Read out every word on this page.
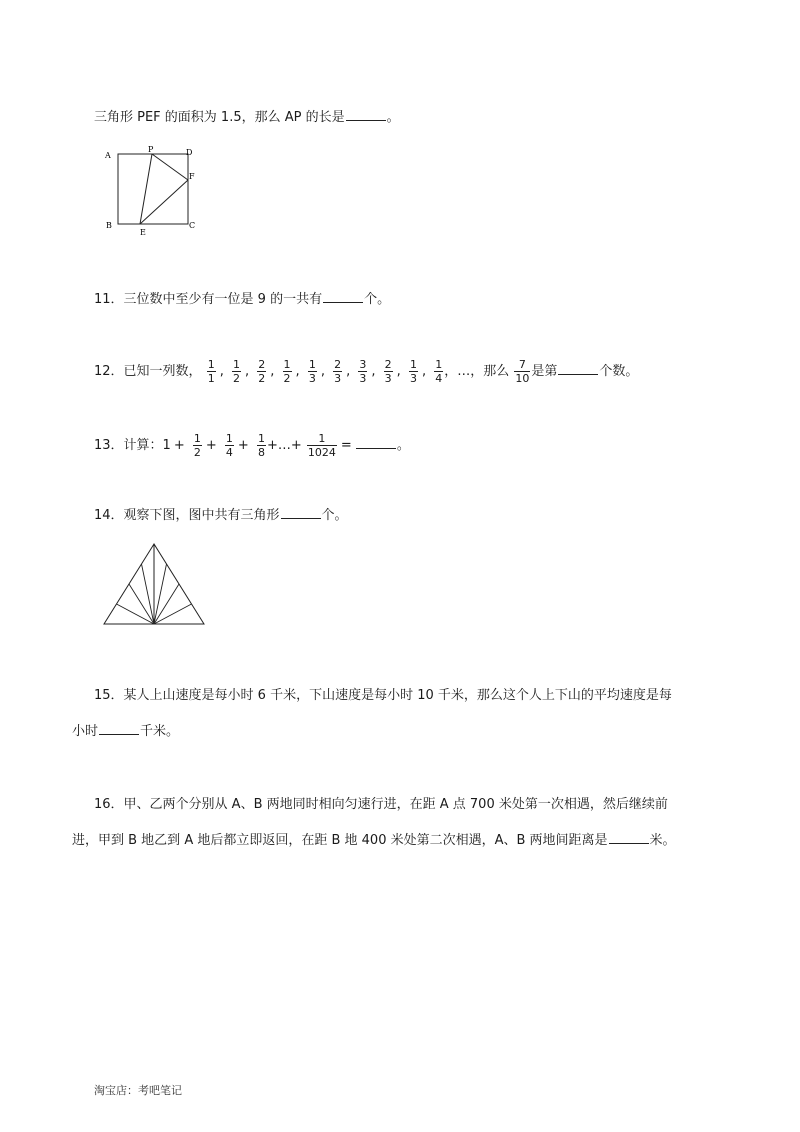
三角形 PEF 的面积为 1.5，那么 AP 的长是	。
A
P	D
F
B
E
C
11．三位数中至少有一位是 9 的一共有	个。
12．已知一列数， $\frac{1}{1}$ , $\frac{1}{2}$ , $\frac{2}{2}$ , $\frac{1}{2}$ , $\frac{1}{3}$ , $\frac{2}{3}$ , $\frac{3}{3}$ , $\frac{2}{3}$ , $\frac{1}{3}$ , $\frac{1}{4}$ ，…，那么 $\frac{7}{10}$ 是第	个数。
13．计算：$1 + \frac{1}{2} + \frac{1}{4} + \frac{1}{8}$ +…+ $\frac{1}{1024}$ =	。
14．观察下图，图中共有三角形	个。
15．某人上山速度是每小时 6 千米，下山速度是每小时 10 千米，那么这个人上下山的平均速度是每
小时	千米。
16．甲、乙两个分别从 A、B 两地同时相向匀速行进，在距 A 点 700 米处第一次相遇，然后继续前
进，甲到 B 地乙到 A 地后都立即返回，在距 B 地 400 米处第二次相遇，A、B 两地间距离是	米。
淘宝店：考吧笔记
